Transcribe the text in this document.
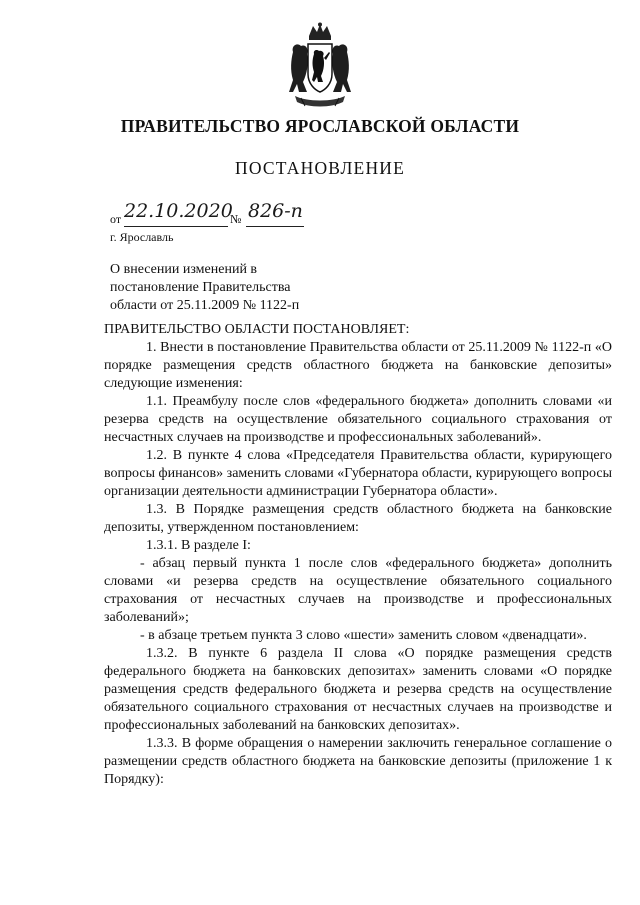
ПРАВИТЕЛЬСТВО ЯРОСЛАВСКОЙ ОБЛАСТИ
ПОСТАНОВЛЕНИЕ
от 22.10.2020
№ 826-п
г. Ярославль
О внесении изменений в
постановление Правительства
области от 25.11.2009 № 1122-п

ПРАВИТЕЛЬСТВО ОБЛАСТИ ПОСТАНОВЛЯЕТ:

1. Внести в постановление Правительства области от 25.11.2009 № 1122-п «О порядке размещения средств областного бюджета на банковские депозиты» следующие изменения:

1.1. Преамбулу после слов «федерального бюджета» дополнить словами «и резерва средств на осуществление обязательного социального страхования от несчастных случаев на производстве и профессиональных заболеваний».

1.2. В пункте 4 слова «Председателя Правительства области, курирующего вопросы финансов» заменить словами «Губернатора области, курирующего вопросы организации деятельности администрации Губернатора области».

1.3. В Порядке размещения средств областного бюджета на банковские депозиты, утвержденном постановлением:

1.3.1. В разделе I:

- абзац первый пункта 1 после слов «федерального бюджета» дополнить словами «и резерва средств на осуществление обязательного социального страхования от несчастных случаев на производстве и профессиональных заболеваний»;

- в абзаце третьем пункта 3 слово «шести» заменить словом «двенадцати».

1.3.2. В пункте 6 раздела II слова «О порядке размещения средств федерального бюджета на банковских депозитах» заменить словами «О порядке размещения средств федерального бюджета и резерва средств на осуществление обязательного социального страхования от несчастных случаев на производстве и профессиональных заболеваний на банковских депозитах».

1.3.3. В форме обращения о намерении заключить генеральное соглашение о размещении средств областного бюджета на банковские депозиты (приложение 1 к Порядку):
